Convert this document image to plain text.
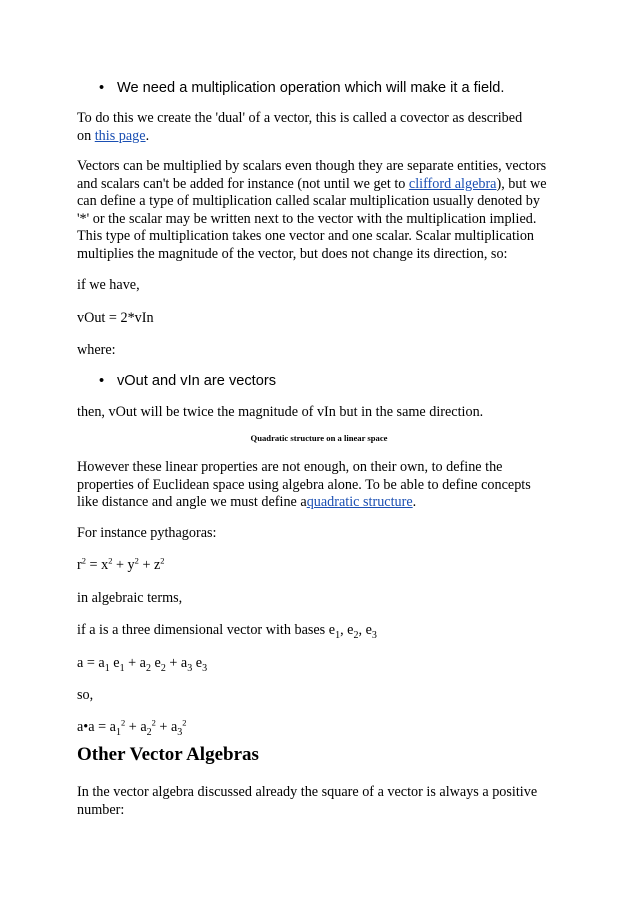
• We need a multiplication operation which will make it a field.
To do this we create the 'dual' of a vector, this is called a covector as described
on this page.
Vectors can be multiplied by scalars even though they are separate entities, vectors
and scalars can't be added for instance (not until we get to clifford algebra), but we
can define a type of multiplication called scalar multiplication usually denoted by
'*' or the scalar may be written next to the vector with the multiplication implied.
This type of multiplication takes one vector and one scalar. Scalar multiplication
multiplies the magnitude of the vector, but does not change its direction, so:
if we have,
vOut = 2*vIn
where:
• vOut and vIn are vectors
then, vOut will be twice the magnitude of vIn but in the same direction.
Quadratic structure on a linear space
However these linear properties are not enough, on their own, to define the
properties of Euclidean space using algebra alone. To be able to define concepts
like distance and angle we must define aquadratic structure.
For instance pythagoras:
$r^2 = x^2 + y^2 + z^2$
in algebraic terms,
if a is a three dimensional vector with bases $e_1$, $e_2$, $e_3$
$a = a_1$ $e_1 + a_2$ $e_2 + a_3$ $e_3$
so,
a•a = $a_1^2 + a_2^2 + a_3^2$
Other Vector Algebras
In the vector algebra discussed already the square of a vector is always a positive
number:
